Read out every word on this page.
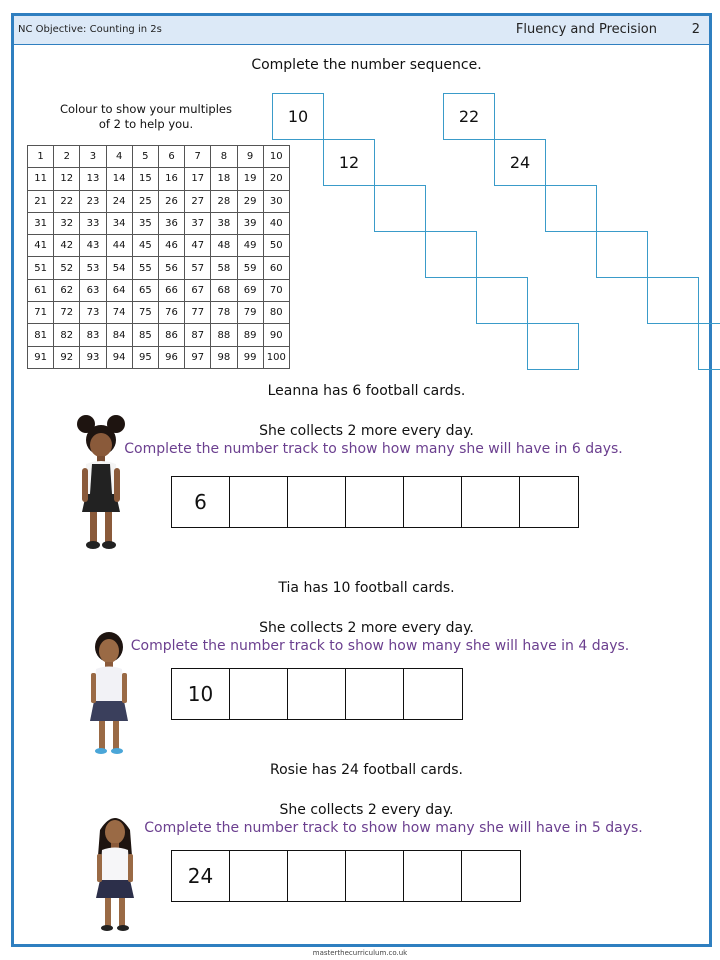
NC Objective: Counting in 2s	Fluency and Precision	2
Complete the number sequence.
Colour to show your multiples
of 2 to help you.
1	2	3	4	5	6	7	8	9	10
11	12	13	14	15	16	17	18	19	20
21	22	23	24	25	26	27	28	29	30
31	32	33	34	35	36	37	38	39	40
41	42	43	44	45	46	47	48	49	50
51	52	53	54	55	56	57	58	59	60
61	62	63	64	65	66	67	68	69	70
71	72	73	74	75	76	77	78	79	80
81	82	83	84	85	86	87	88	89	90
91	92	93	94	95	96	97	98	99	100
10
12
22
24
Leanna has 6 football cards.
She collects 2 more every day.
Complete the number track to show how many she will have in 6 days.
6
Tia has 10 football cards.
She collects 2 more every day.
Complete the number track to show how many she will have in 4 days.
10
Rosie has 24 football cards.
She collects 2 every day.
Complete the number track to show how many she will have in 5 days.
24
masterthecurriculum.co.uk
